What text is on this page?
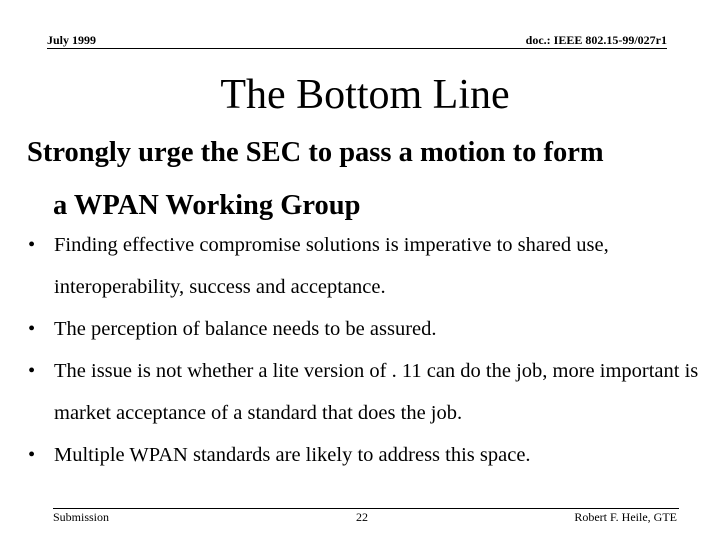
July 1999	doc.: IEEE 802.15-99/027r1
The Bottom Line

Strongly urge the SEC to pass a motion to form
a WPAN Working Group

• Finding effective compromise solutions is imperative to shared use, interoperability, success and acceptance.
• The perception of balance needs to be assured.
• The issue is not whether a lite version of . 11 can do the job, more important is market acceptance of a standard that does the job.
• Multiple WPAN standards are likely to address this space.
Submission	22	Robert F. Heile, GTE
